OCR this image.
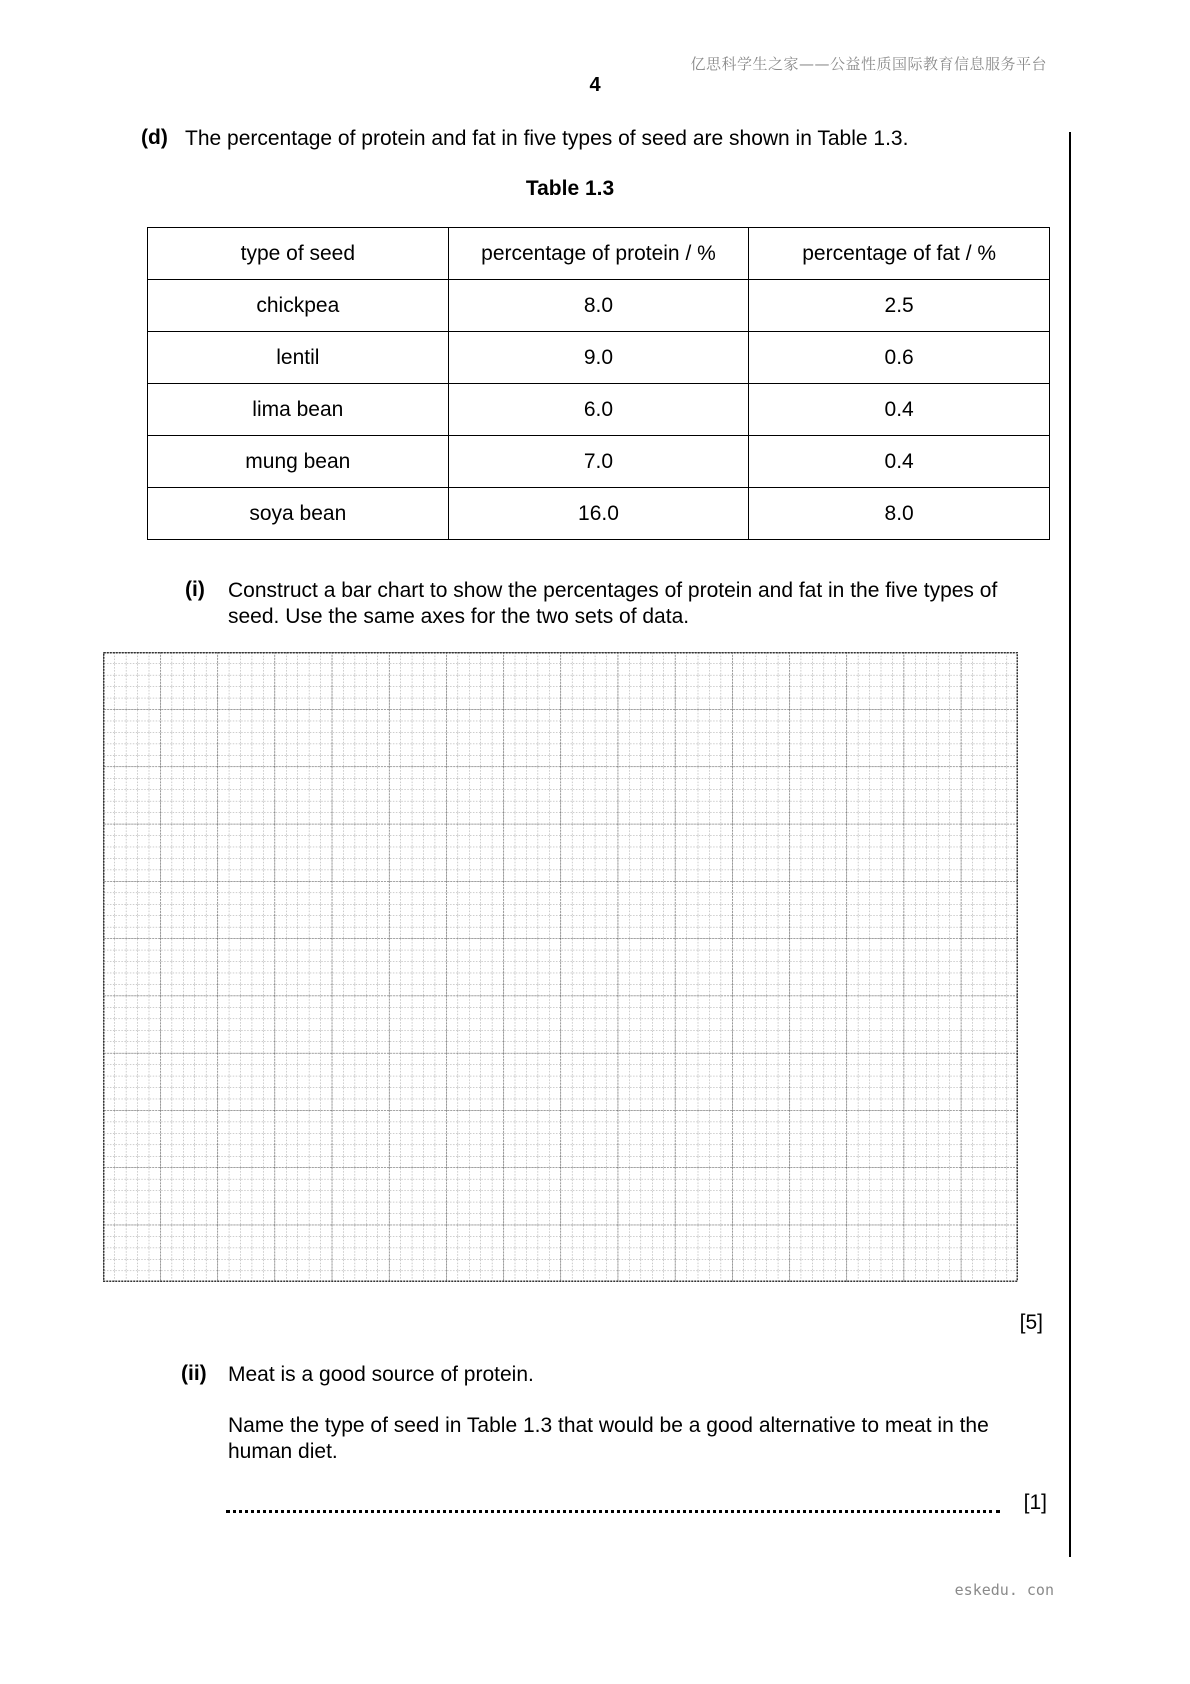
亿思科学生之家——公益性质国际教育信息服务平台
4
(d) The percentage of protein and fat in five types of seed are shown in Table 1.3.
Table 1.3
type of seed	percentage of protein / %	percentage of fat / %
chickpea	8.0	2.5
lentil	9.0	0.6
lima bean	6.0	0.4
mung bean	7.0	0.4
soya bean	16.0	8.0
(i) Construct a bar chart to show the percentages of protein and fat in the five types of seed. Use the same axes for the two sets of data.
[5]
(ii) Meat is a good source of protein.
Name the type of seed in Table 1.3 that would be a good alternative to meat in the human diet.
[1]
eskedu. con
